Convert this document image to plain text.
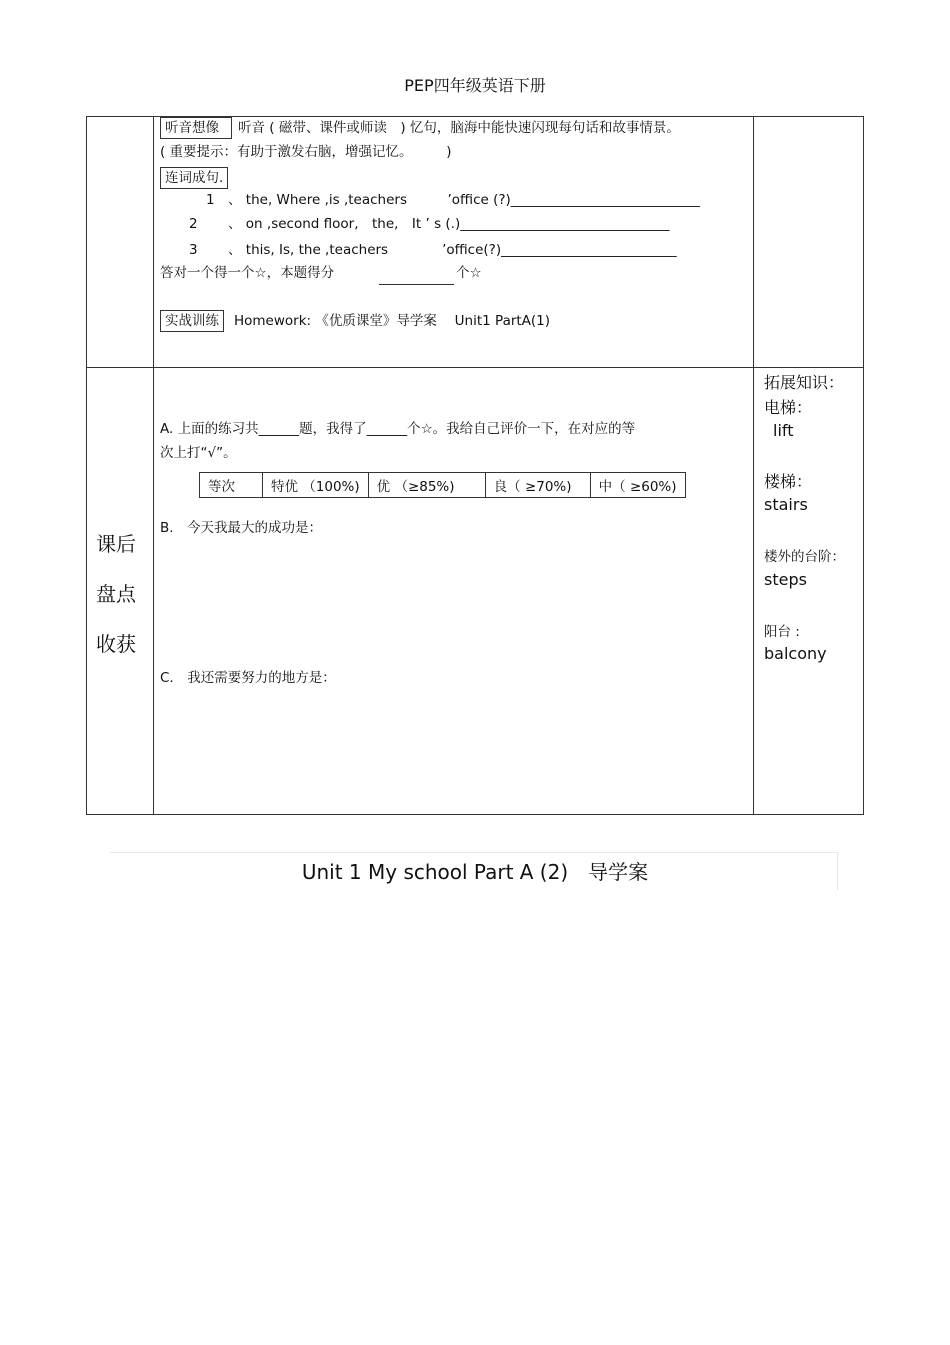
PEP四年级英语下册
听音想像	听音 ( 磁带、课件或师读　) 忆句，脑海中能快速闪现每句话和故事情景。
( 重要提示：有助于激发右脑，增强记忆。　　　)
连词成句.
1 、 the, Where ,is ,teachers　　　’office (?)____________________________
2 、 on ,second floor,　the,　It ’ s (.)_______________________________
3 、 this, Is, the ,teachers　　　　’office(?)__________________________
答对一个得一个☆，本题得分	个☆
实战训练	Homework: 《优质课堂》导学案　 Unit1 PartA(1)
课后
盘点
收获
A. 上面的练习共______题，我得了______个☆。我给自己评价一下，在对应的等
次上打“√”。
等次	特优 （100%)	优 （≥85%)	良（ ≥70%)	中（ ≥60%)
B.　今天我最大的成功是：
C.　我还需要努力的地方是：
拓展知识：
电梯：
lift
楼梯：
stairs
楼外的台阶：
steps
阳台 :
balcony
Unit 1 My school Part A (2)　导学案
